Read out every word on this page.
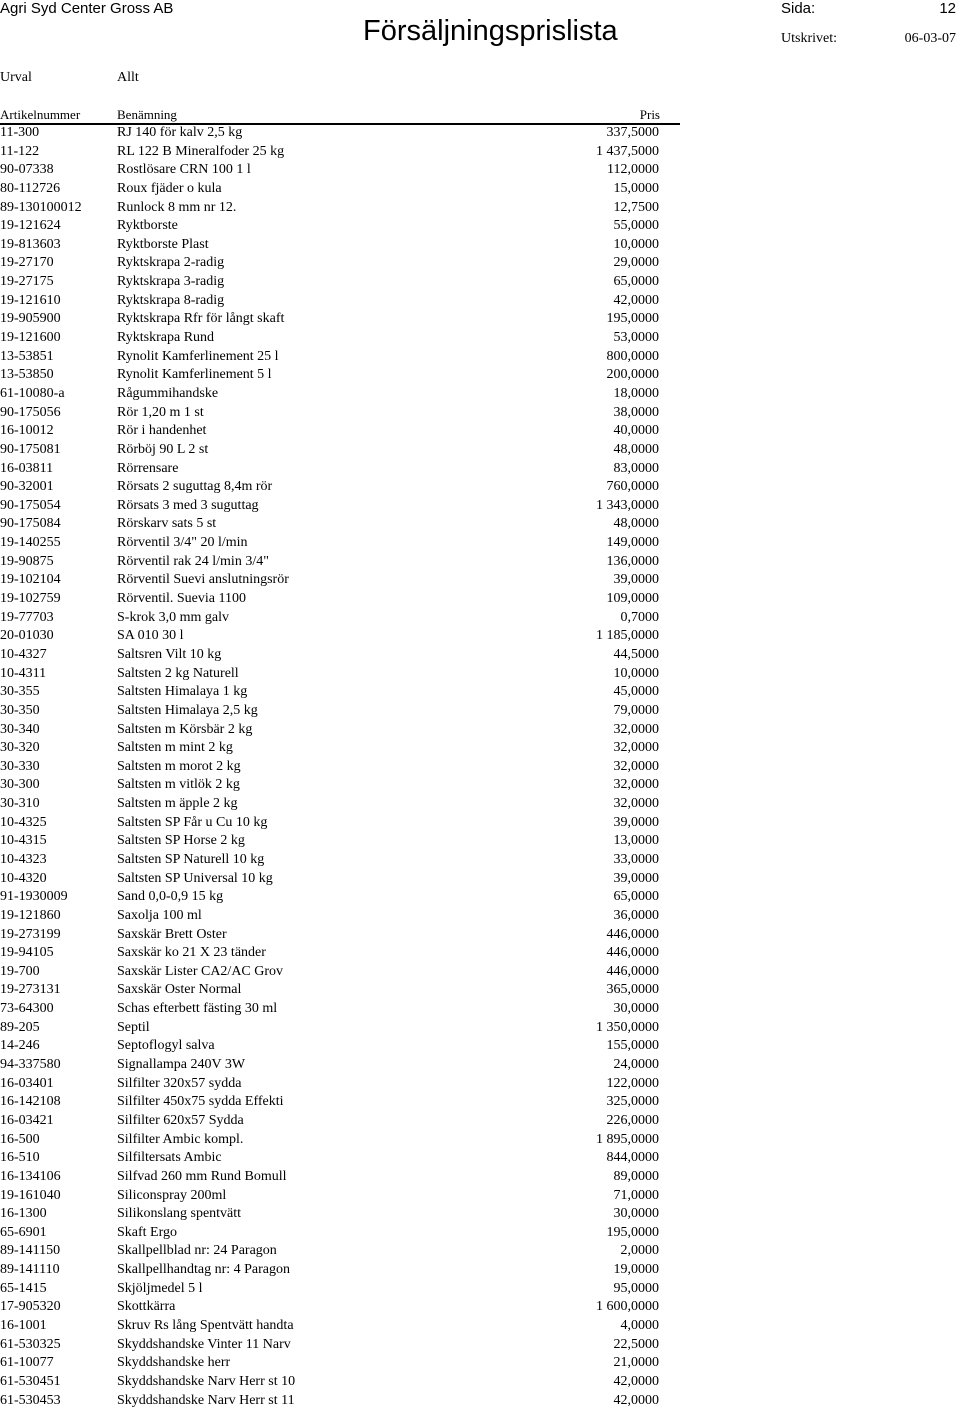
Agri Syd Center Gross AB
Försäljningsprislista
Sida:	12
Utskrivet:	06-03-07
Urval	Allt
Artikelnummer	Benämning	Pris
11-300	RJ 140 för kalv 2,5 kg	337,5000
11-122	RL 122 B Mineralfoder 25 kg	1 437,5000
90-07338	Rostlösare CRN 100 1 l	112,0000
80-112726	Roux fjäder o kula	15,0000
89-130100012	Runlock 8 mm nr 12.	12,7500
19-121624	Ryktborste	55,0000
19-813603	Ryktborste Plast	10,0000
19-27170	Ryktskrapa 2-radig	29,0000
19-27175	Ryktskrapa 3-radig	65,0000
19-121610	Ryktskrapa 8-radig	42,0000
19-905900	Ryktskrapa Rfr för långt skaft	195,0000
19-121600	Ryktskrapa Rund	53,0000
13-53851	Rynolit Kamferlinement 25 l	800,0000
13-53850	Rynolit Kamferlinement 5 l	200,0000
61-10080-a	Rågummihandske	18,0000
90-175056	Rör 1,20 m 1 st	38,0000
16-10012	Rör i handenhet	40,0000
90-175081	Rörböj 90 L 2 st	48,0000
16-03811	Rörrensare	83,0000
90-32001	Rörsats 2 suguttag 8,4m rör	760,0000
90-175054	Rörsats 3 med 3 suguttag	1 343,0000
90-175084	Rörskarv sats 5 st	48,0000
19-140255	Rörventil 3/4" 20 l/min	149,0000
19-90875	Rörventil rak 24 l/min 3/4"	136,0000
19-102104	Rörventil Suevi anslutningsrör	39,0000
19-102759	Rörventil. Suevia 1100	109,0000
19-77703	S-krok 3,0 mm galv	0,7000
20-01030	SA 010 30 l	1 185,0000
10-4327	Saltsren Vilt 10 kg	44,5000
10-4311	Saltsten 2 kg Naturell	10,0000
30-355	Saltsten Himalaya 1 kg	45,0000
30-350	Saltsten Himalaya 2,5 kg	79,0000
30-340	Saltsten m Körsbär 2 kg	32,0000
30-320	Saltsten m mint 2 kg	32,0000
30-330	Saltsten m morot 2 kg	32,0000
30-300	Saltsten m vitlök 2 kg	32,0000
30-310	Saltsten m äpple 2 kg	32,0000
10-4325	Saltsten SP Får u Cu 10 kg	39,0000
10-4315	Saltsten SP Horse 2 kg	13,0000
10-4323	Saltsten SP Naturell 10 kg	33,0000
10-4320	Saltsten SP Universal 10 kg	39,0000
91-1930009	Sand 0,0-0,9 15 kg	65,0000
19-121860	Saxolja 100 ml	36,0000
19-273199	Saxskär Brett Oster	446,0000
19-94105	Saxskär ko 21 X 23 tänder	446,0000
19-700	Saxskär Lister CA2/AC Grov	446,0000
19-273131	Saxskär Oster Normal	365,0000
73-64300	Schas efterbett fästing 30 ml	30,0000
89-205	Septil	1 350,0000
14-246	Septoflogyl salva	155,0000
94-337580	Signallampa 240V 3W	24,0000
16-03401	Silfilter 320x57 sydda	122,0000
16-142108	Silfilter 450x75 sydda Effekti	325,0000
16-03421	Silfilter 620x57 Sydda	226,0000
16-500	Silfilter Ambic kompl.	1 895,0000
16-510	Silfiltersats Ambic	844,0000
16-134106	Silfvad 260 mm Rund Bomull	89,0000
19-161040	Siliconspray 200ml	71,0000
16-1300	Silikonslang spentvätt	30,0000
65-6901	Skaft Ergo	195,0000
89-141150	Skallpellblad nr: 24 Paragon	2,0000
89-141110	Skallpellhandtag nr: 4 Paragon	19,0000
65-1415	Skjöljmedel 5 l	95,0000
17-905320	Skottkärra	1 600,0000
16-1001	Skruv Rs lång Spentvätt handta	4,0000
61-530325	Skyddshandske Vinter 11 Narv	22,5000
61-10077	Skyddshandske herr	21,0000
61-530451	Skyddshandske Narv Herr st 10	42,0000
61-530453	Skyddshandske Narv Herr st 11	42,0000
